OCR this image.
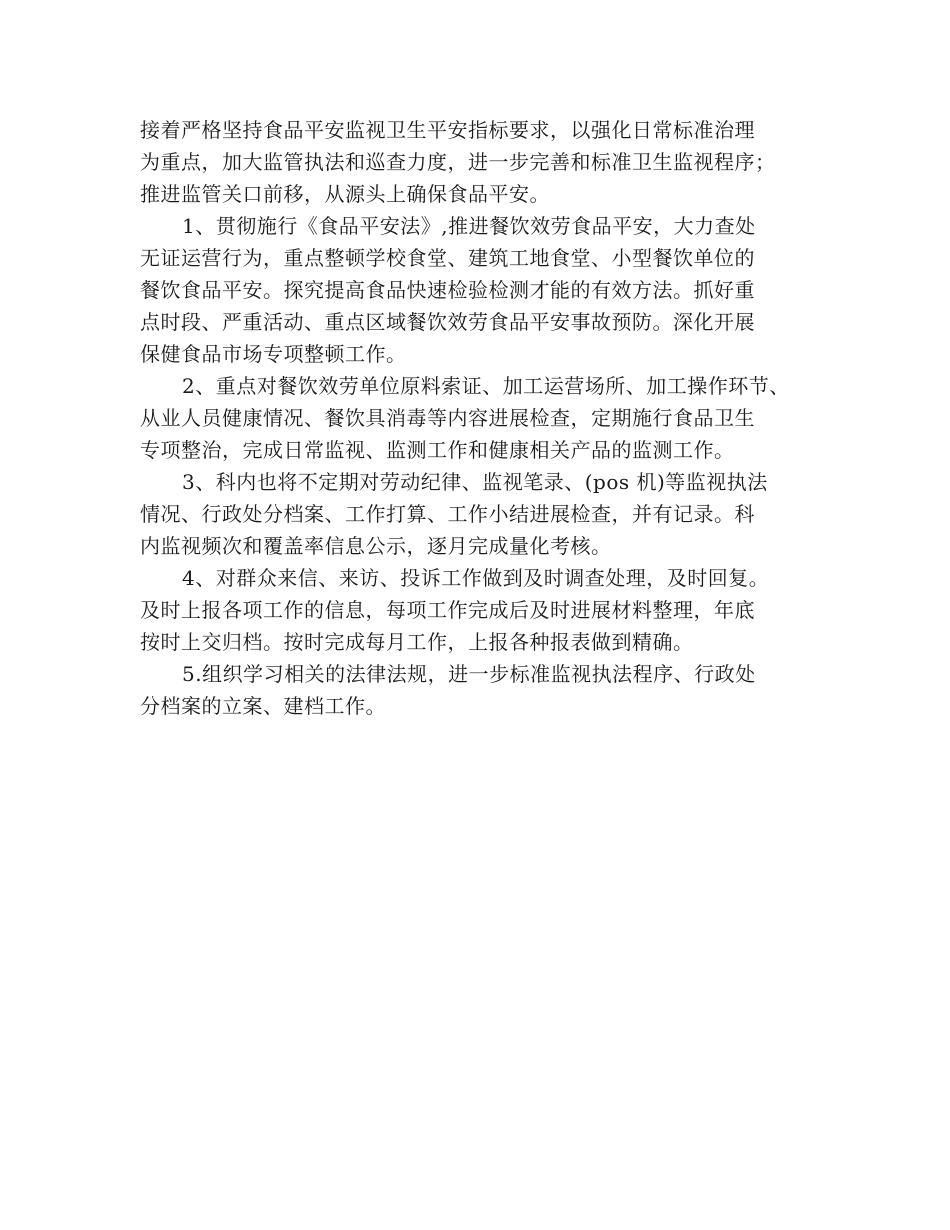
接着严格坚持食品平安监视卫生平安指标要求，以强化日常标准治理
为重点，加大监管执法和巡查力度，进一步完善和标准卫生监视程序；
推进监管关口前移，从源头上确保食品平安。
1、贯彻施行《食品平安法》,推进餐饮效劳食品平安，大力查处
无证运营行为，重点整顿学校食堂、建筑工地食堂、小型餐饮单位的
餐饮食品平安。探究提高食品快速检验检测才能的有效方法。抓好重
点时段、严重活动、重点区域餐饮效劳食品平安事故预防。深化开展
保健食品市场专项整顿工作。
2、重点对餐饮效劳单位原料索证、加工运营场所、加工操作环节、
从业人员健康情况、餐饮具消毒等内容进展检查，定期施行食品卫生
专项整治，完成日常监视、监测工作和健康相关产品的监测工作。
3、科内也将不定期对劳动纪律、监视笔录、(pos 机)等监视执法
情况、行政处分档案、工作打算、工作小结进展检查，并有记录。科
内监视频次和覆盖率信息公示，逐月完成量化考核。
4、对群众来信、来访、投诉工作做到及时调查处理，及时回复。
及时上报各项工作的信息，每项工作完成后及时进展材料整理，年底
按时上交归档。按时完成每月工作，上报各种报表做到精确。
5.组织学习相关的法律法规，进一步标准监视执法程序、行政处
分档案的立案、建档工作。
